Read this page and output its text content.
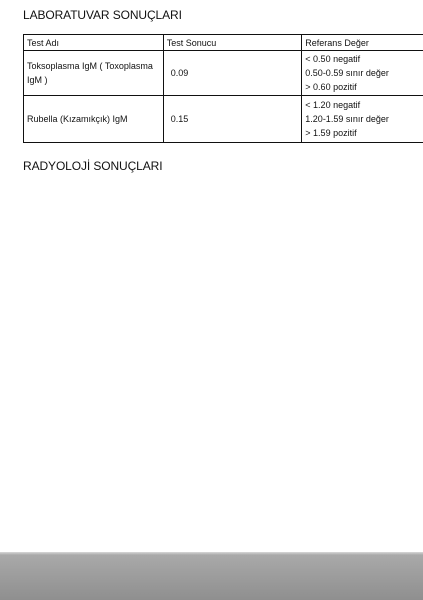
LABORATUVAR SONUÇLARI
Test Adı	Test Sonucu	Referans Değer
Toksoplasma IgM ( Toxoplasma IgM )	0.09	< 0.50 negatif
0.50-0.59 sınır değer
> 0.60 pozitif

Rubella (Kızamıkçık) IgM	0.15	< 1.20 negatif
1.20-1.59 sınır değer
> 1.59 pozitif
RADYOLOJİ SONUÇLARI
